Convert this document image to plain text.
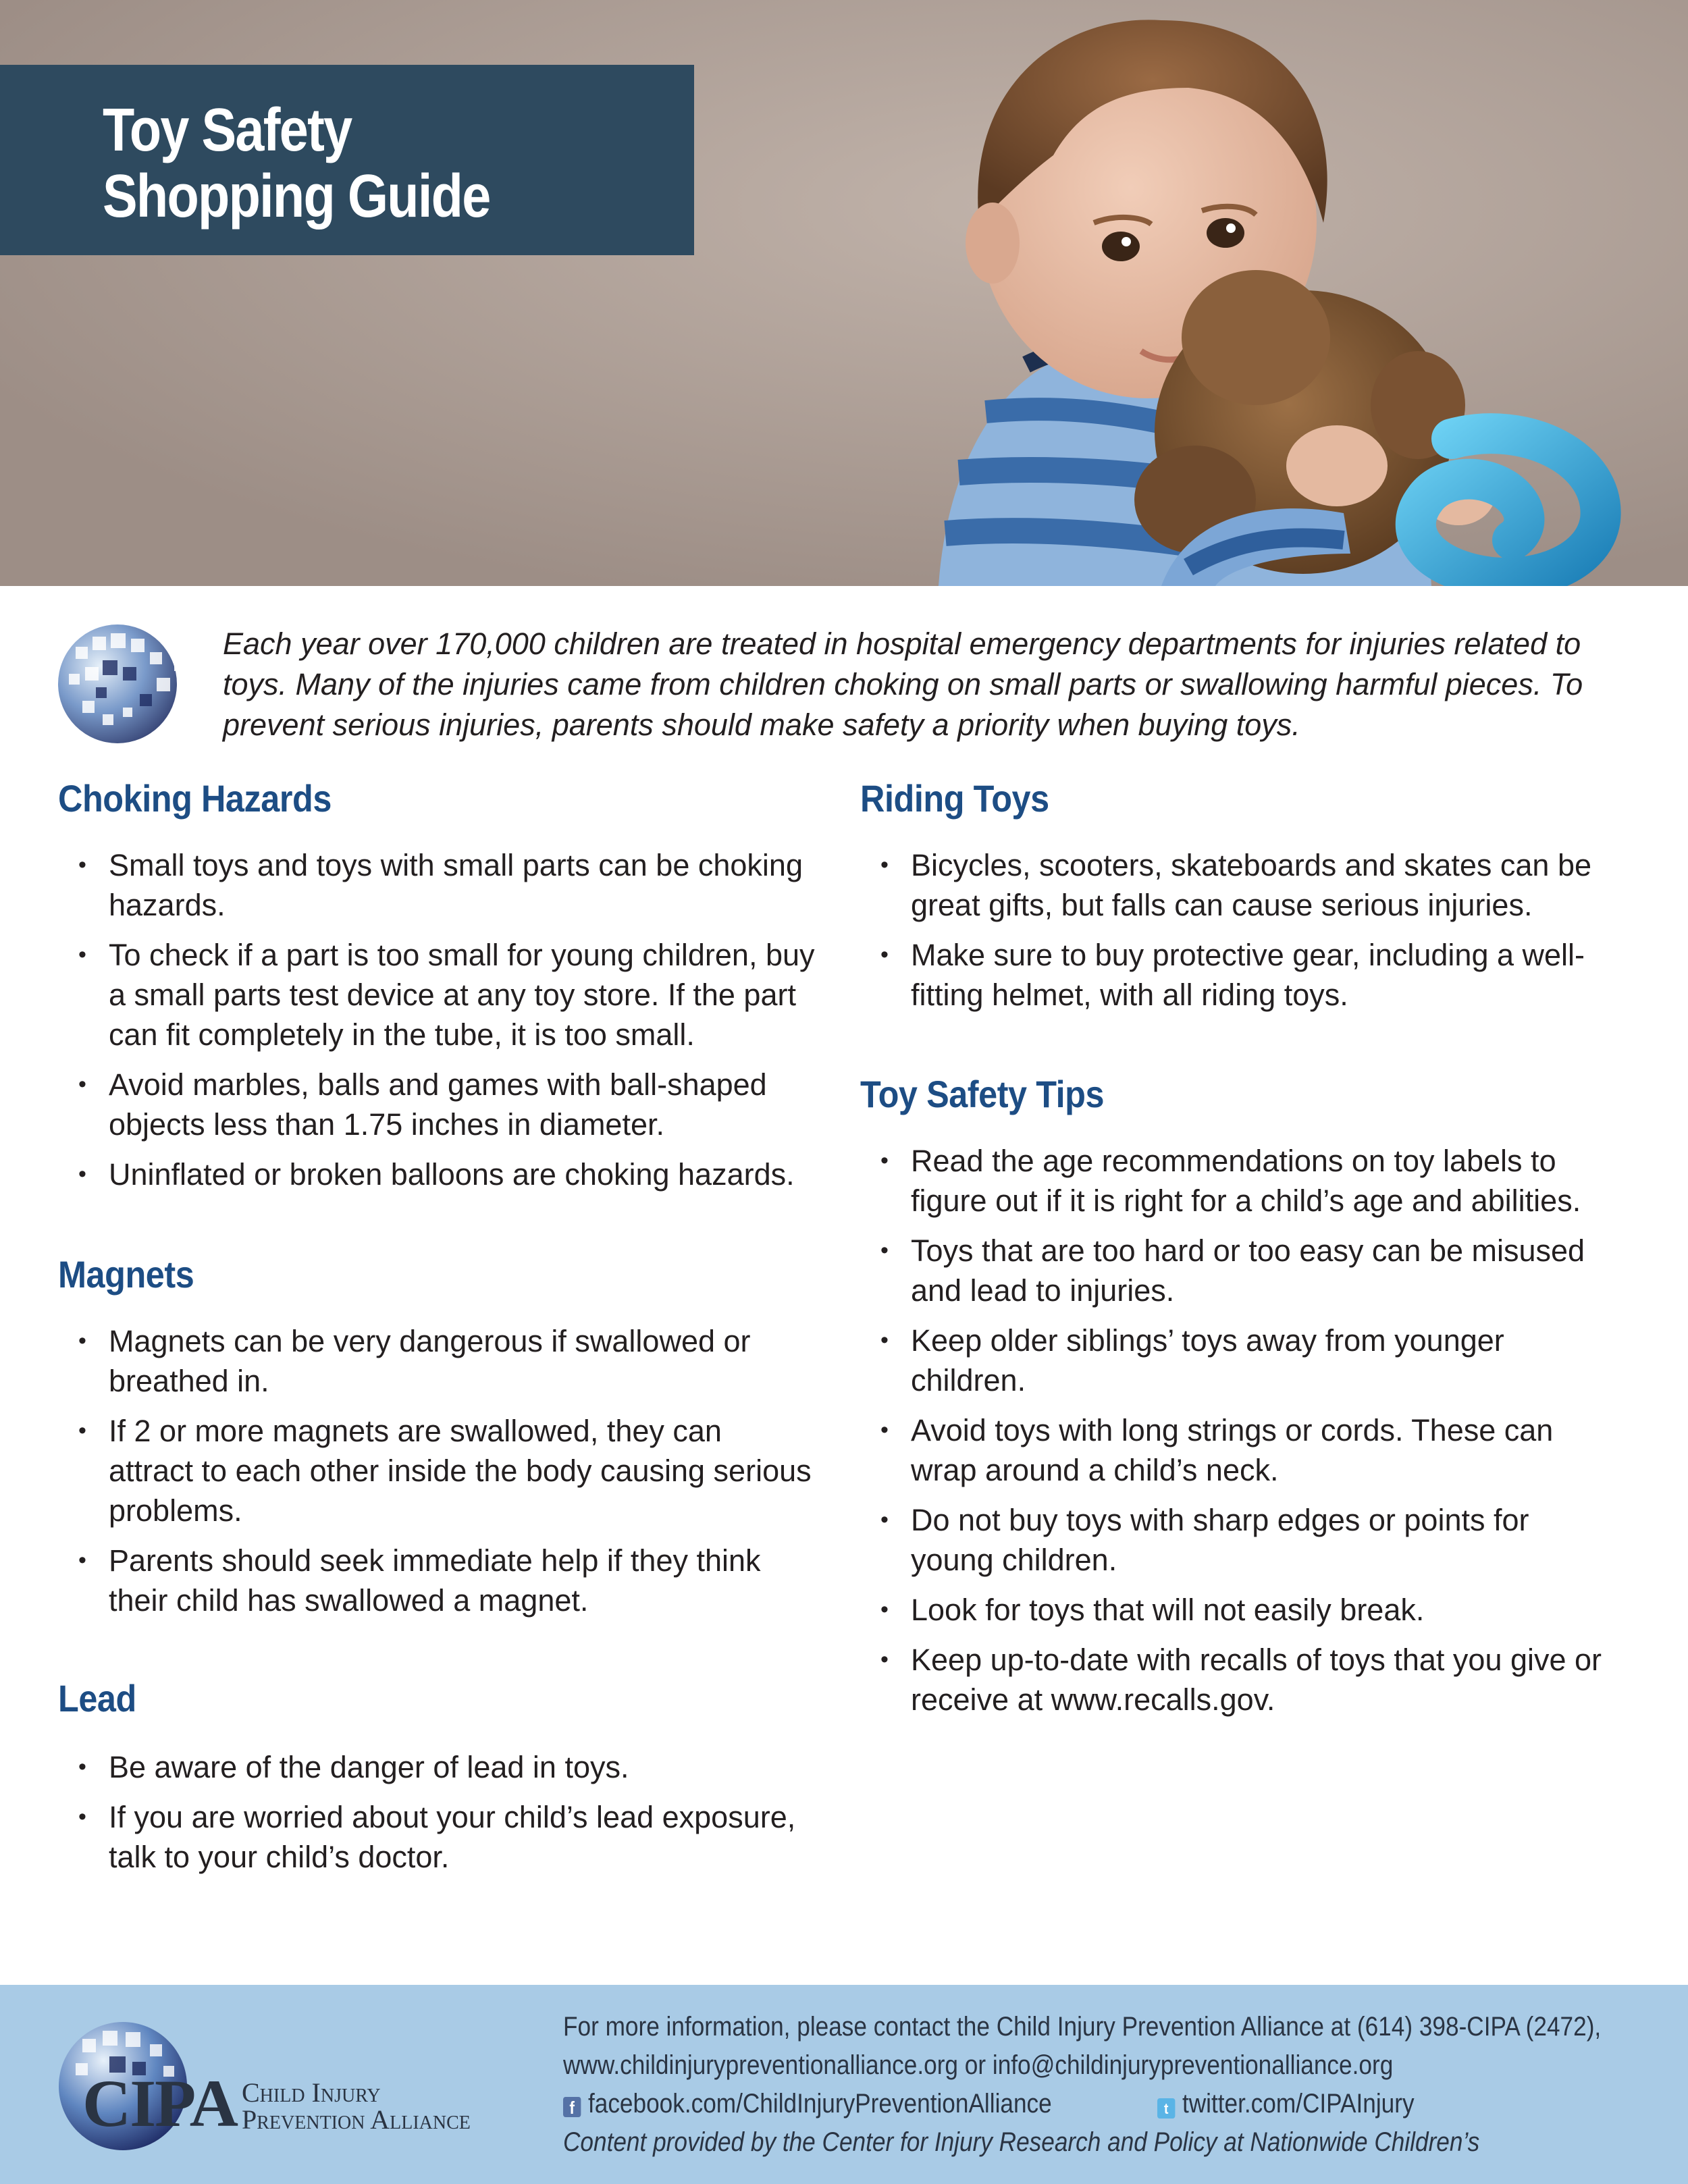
Toy Safety
Shopping Guide

Each year over 170,000 children are treated in hospital emergency departments for injuries related to

toys. Many of the injuries came from children choking on small parts or swallowing harmful pieces. To

prevent serious injuries, parents should make safety a priority when buying toys.

Choking Hazards
• Small toys and toys with small parts can be choking
hazards.
• To check if a part is too small for young children, buy
a small parts test device at any toy store. If the part
can fit completely in the tube, it is too small.
• Avoid marbles, balls and games with ball-shaped
objects less than 1.75 inches in diameter.
• Uninflated or broken balloons are choking hazards.
Magnets
• Magnets can be very dangerous if swallowed or
breathed in.
• If 2 or more magnets are swallowed, they can
attract to each other inside the body causing serious
problems.
• Parents should seek immediate help if they think
their child has swallowed a magnet.
Lead
• Be aware of the danger of lead in toys.
• If you are worried about your child’s lead exposure,
talk to your child’s doctor.
Riding Toys
• Bicycles, scooters, skateboards and skates can be
great gifts, but falls can cause serious injuries.
• Make sure to buy protective gear, including a well-
fitting helmet, with all riding toys.
Toy Safety Tips
• Read the age recommendations on toy labels to
figure out if it is right for a child’s age and abilities.
• Toys that are too hard or too easy can be misused
and lead to injuries.
• Keep older siblings’ toys away from younger
children.
• Avoid toys with long strings or cords. These can
wrap around a child’s neck.
• Do not buy toys with sharp edges or points for
young children.
• Look for toys that will not easily break.
• Keep up-to-date with recalls of toys that you give or
receive at www.recalls.gov.
CIPA Child Injury
Prevention Alliance
For more information, please contact the Child Injury Prevention Alliance at (614) 398-CIPA (2472),
www.childinjurypreventionalliance.org or info@childinjurypreventionalliance.org
f facebook.com/ChildInjuryPreventionAlliance	t twitter.com/CIPAInjury
Content provided by the Center for Injury Research and Policy at Nationwide Children’s
